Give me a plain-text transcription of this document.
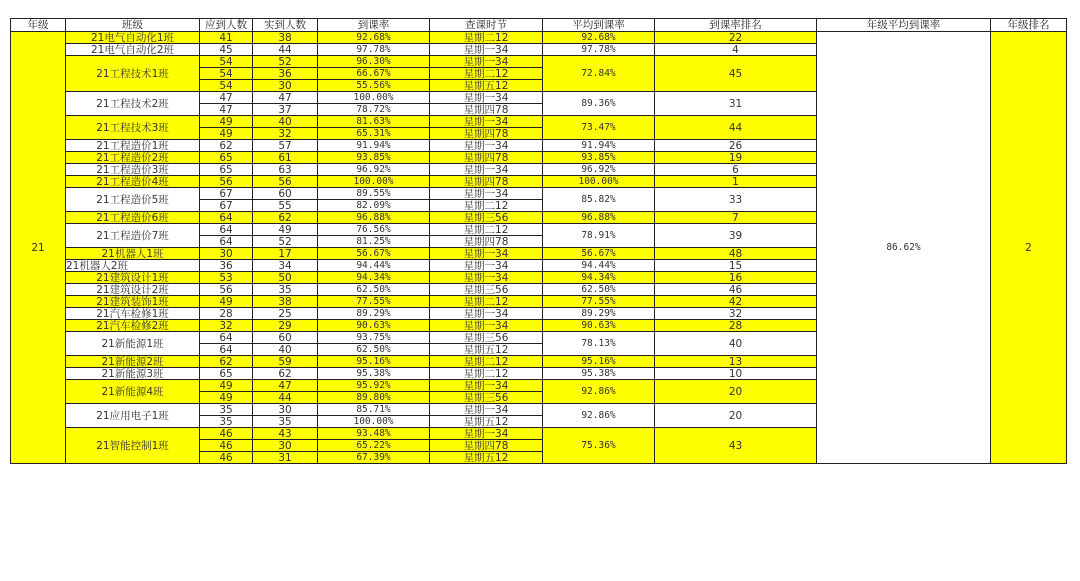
年级	班级	应到人数	实到人数	到课率	查课时节	平均到课率	到课率排名	年级平均到课率	年级排名
21	21电气自动化1班	41	38	92.68%	星期二12	92.68%	22	86.62%	2
	21电气自动化2班	45	44	97.78%	星期一34	97.78%	4		
	21工程技术1班	54	52	96.30%	星期一34	72.84%	45		
		54	36	66.67%	星期二12				
		54	30	55.56%	星期五12				
	21工程技术2班	47	47	100.00%	星期一34	89.36%	31		
		47	37	78.72%	星期四78				
	21工程技术3班	49	40	81.63%	星期一34	73.47%	44		
		49	32	65.31%	星期四78				
	21工程造价1班	62	57	91.94%	星期一34	91.94%	26		
	21工程造价2班	65	61	93.85%	星期四78	93.85%	19		
	21工程造价3班	65	63	96.92%	星期一34	96.92%	6		
	21工程造价4班	56	56	100.00%	星期四78	100.00%	1		
	21工程造价5班	67	60	89.55%	星期一34	85.82%	33		
		67	55	82.09%	星期二12				
	21工程造价6班	64	62	96.88%	星期三56	96.88%	7		
	21工程造价7班	64	49	76.56%	星期二12	78.91%	39		
		64	52	81.25%	星期四78				
	21机器人1班	30	17	56.67%	星期一34	56.67%	48		
	21机器人2班	36	34	94.44%	星期一34	94.44%	15		
	21建筑设计1班	53	50	94.34%	星期一34	94.34%	16		
	21建筑设计2班	56	35	62.50%	星期三56	62.50%	46		
	21建筑装饰1班	49	38	77.55%	星期二12	77.55%	42		
	21汽车检修1班	28	25	89.29%	星期一34	89.29%	32		
	21汽车检修2班	32	29	90.63%	星期一34	90.63%	28		
	21新能源1班	64	60	93.75%	星期三56	78.13%	40		
		64	40	62.50%	星期五12				
	21新能源2班	62	59	95.16%	星期二12	95.16%	13		
	21新能源3班	65	62	95.38%	星期二12	95.38%	10		
	21新能源4班	49	47	95.92%	星期一34	92.86%	20		
		49	44	89.80%	星期三56				
	21应用电子1班	35	30	85.71%	星期一34	92.86%	20		
		35	35	100.00%	星期五12				
	21智能控制1班	46	43	93.48%	星期一34	75.36%	43		
		46	30	65.22%	星期四78				
		46	31	67.39%	星期五12				
